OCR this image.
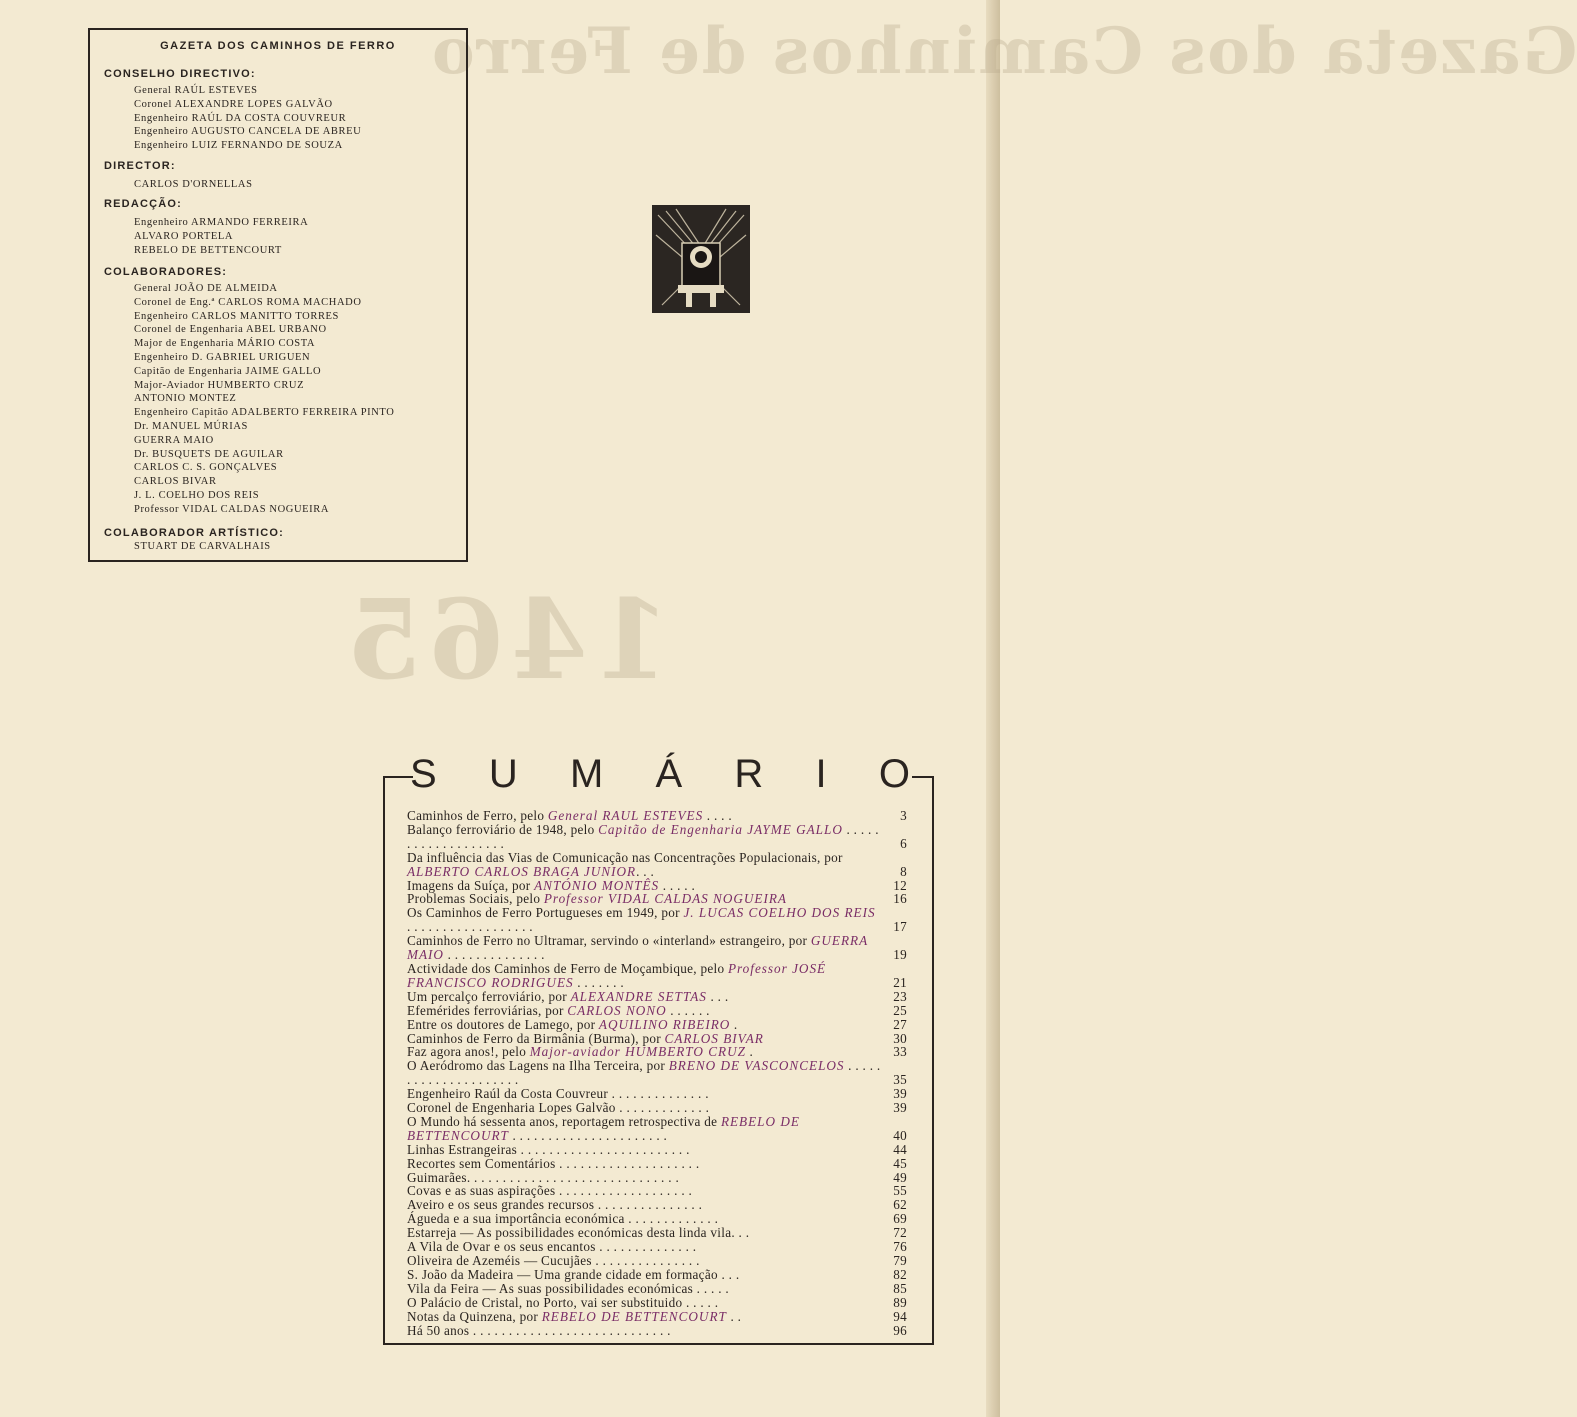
Gazeta dos Caminhos de Ferro
1465
GAZETA DOS CAMINHOS DE FERRO
CONSELHO DIRECTIVO:
General RAÚL ESTEVES
Coronel ALEXANDRE LOPES GALVÃO
Engenheiro RAÚL DA COSTA COUVREUR
Engenheiro AUGUSTO CANCELA DE ABREU
Engenheiro LUIZ FERNANDO DE SOUZA
DIRECTOR:
CARLOS D'ORNELLAS
REDACÇÃO:
Engenheiro ARMANDO FERREIRA
ALVARO PORTELA
REBELO DE BETTENCOURT
COLABORADORES:
General JOÃO DE ALMEIDA
Coronel de Eng.ª CARLOS ROMA MACHADO
Engenheiro CARLOS MANITTO TORRES
Coronel de Engenharia ABEL URBANO
Major de Engenharia MÁRIO COSTA
Engenheiro D. GABRIEL URIGUEN
Capitão de Engenharia JAIME GALLO
Major-Aviador HUMBERTO CRUZ
ANTONIO MONTEZ
Engenheiro Capitão ADALBERTO FERREIRA PINTO
Dr. MANUEL MÚRIAS
GUERRA MAIO
Dr. BUSQUETS DE AGUILAR
CARLOS C. S. GONÇALVES
CARLOS BIVAR
J. L. COELHO DOS REIS
Professor VIDAL CALDAS NOGUEIRA
COLABORADOR ARTÍSTICO:
STUART DE CARVALHAIS
S U M Á R I O
Caminhos de Ferro, pelo General RAUL ESTEVES . . . .	3
Balanço ferroviário de 1948, pelo Capitão de Engenharia JAYME GALLO . . . . . . . . . . . . . . . . . . .	6
Da influência das Vias de Comunicação nas Concentrações Populacionais, por ALBERTO CARLOS BRAGA JUNIOR. . .	8
Imagens da Suíça, por ANTÓNIO MONTÊS . . . . .	12
Problemas Sociais, pelo Professor VIDAL CALDAS NOGUEIRA	16
Os Caminhos de Ferro Portugueses em 1949, por J. LUCAS COELHO DOS REIS . . . . . . . . . . . . . . . . . .	17
Caminhos de Ferro no Ultramar, servindo o «interland» estrangeiro, por GUERRA MAIO . . . . . . . . . . . . . .	19
Actividade dos Caminhos de Ferro de Moçambique, pelo Professor JOSÉ FRANCISCO RODRIGUES . . . . . . .	21
Um percalço ferroviário, por ALEXANDRE SETTAS . . .	23
Efemérides ferroviárias, por CARLOS NONO . . . . . .	25
Entre os doutores de Lamego, por AQUILINO RIBEIRO .	27
Caminhos de Ferro da Birmânia (Burma), por CARLOS BIVAR	30
Faz agora anos!, pelo Major-aviador HUMBERTO CRUZ .	33
O Aeródromo das Lagens na Ilha Terceira, por BRENO DE VASCONCELOS . . . . . . . . . . . . . . . . . . . . .	35
Engenheiro Raúl da Costa Couvreur . . . . . . . . . . . . . .	39
Coronel de Engenharia Lopes Galvão . . . . . . . . . . . . .	39
O Mundo há sessenta anos, reportagem retrospectiva de REBELO DE BETTENCOURT . . . . . . . . . . . . . . . . . . . . . .	40
Linhas Estrangeiras . . . . . . . . . . . . . . . . . . . . . . . .	44
Recortes sem Comentários . . . . . . . . . . . . . . . . . . . .	45
Guimarães. . . . . . . . . . . . . . . . . . . . . . . . . . . . . .	49
Covas e as suas aspirações . . . . . . . . . . . . . . . . . . .	55
Aveiro e os seus grandes recursos . . . . . . . . . . . . . . .	62
Águeda e a sua importância económica . . . . . . . . . . . . .	69
Estarreja — As possibilidades económicas desta linda vila. . .	72
A Vila de Ovar e os seus encantos . . . . . . . . . . . . . .	76
Oliveira de Azeméis — Cucujães . . . . . . . . . . . . . . .	79
S. João da Madeira — Uma grande cidade em formação . . .	82
Vila da Feira — As suas possibilidades económicas . . . . .	85
O Palácio de Cristal, no Porto, vai ser substituido . . . . .	89
Notas da Quinzena, por REBELO DE BETTENCOURT . .	94
Há 50 anos . . . . . . . . . . . . . . . . . . . . . . . . . . . .	96
